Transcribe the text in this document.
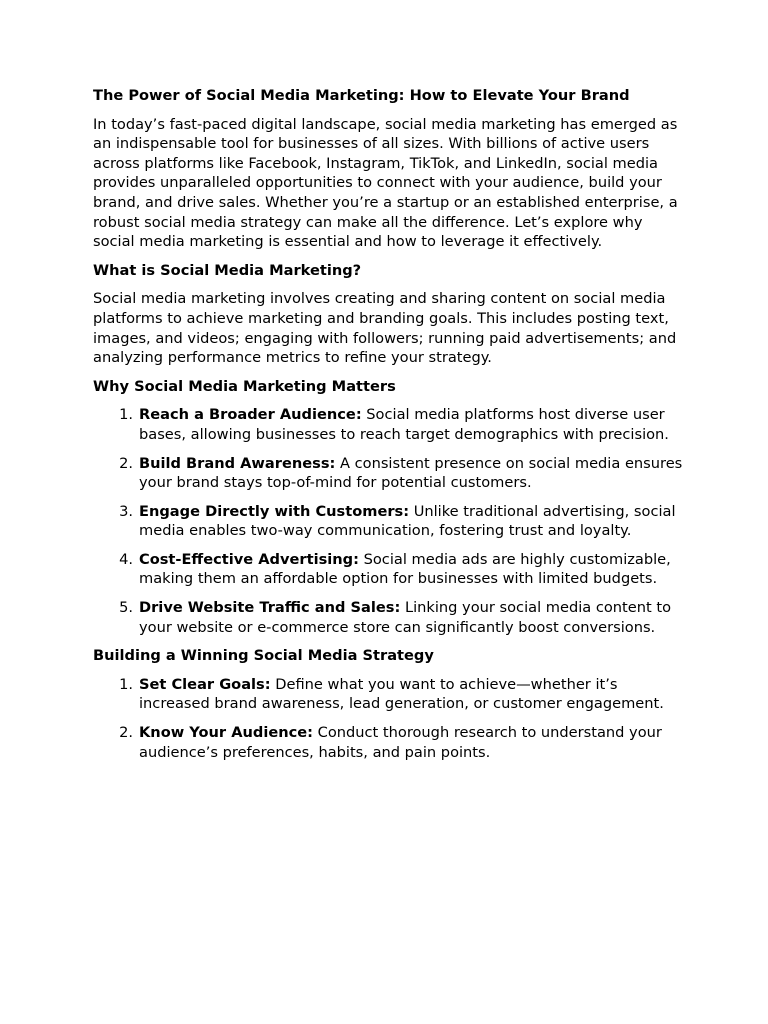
The Power of Social Media Marketing: How to Elevate Your Brand

In today’s fast-paced digital landscape, social media marketing has emerged as an indispensable tool for businesses of all sizes. With billions of active users across platforms like Facebook, Instagram, TikTok, and LinkedIn, social media provides unparalleled opportunities to connect with your audience, build your brand, and drive sales. Whether you’re a startup or an established enterprise, a robust social media strategy can make all the difference. Let’s explore why social media marketing is essential and how to leverage it effectively.

What is Social Media Marketing?

Social media marketing involves creating and sharing content on social media platforms to achieve marketing and branding goals. This includes posting text, images, and videos; engaging with followers; running paid advertisements; and analyzing performance metrics to refine your strategy.

Why Social Media Marketing Matters
1. Reach a Broader Audience: Social media platforms host diverse user bases, allowing businesses to reach target demographics with precision.
2. Build Brand Awareness: A consistent presence on social media ensures your brand stays top-of-mind for potential customers.
3. Engage Directly with Customers: Unlike traditional advertising, social media enables two-way communication, fostering trust and loyalty.
4. Cost-Effective Advertising: Social media ads are highly customizable, making them an affordable option for businesses with limited budgets.
5. Drive Website Traffic and Sales: Linking your social media content to your website or e-commerce store can significantly boost conversions.
Building a Winning Social Media Strategy
1. Set Clear Goals: Define what you want to achieve—whether it’s increased brand awareness, lead generation, or customer engagement.
2. Know Your Audience: Conduct thorough research to understand your audience’s preferences, habits, and pain points.
